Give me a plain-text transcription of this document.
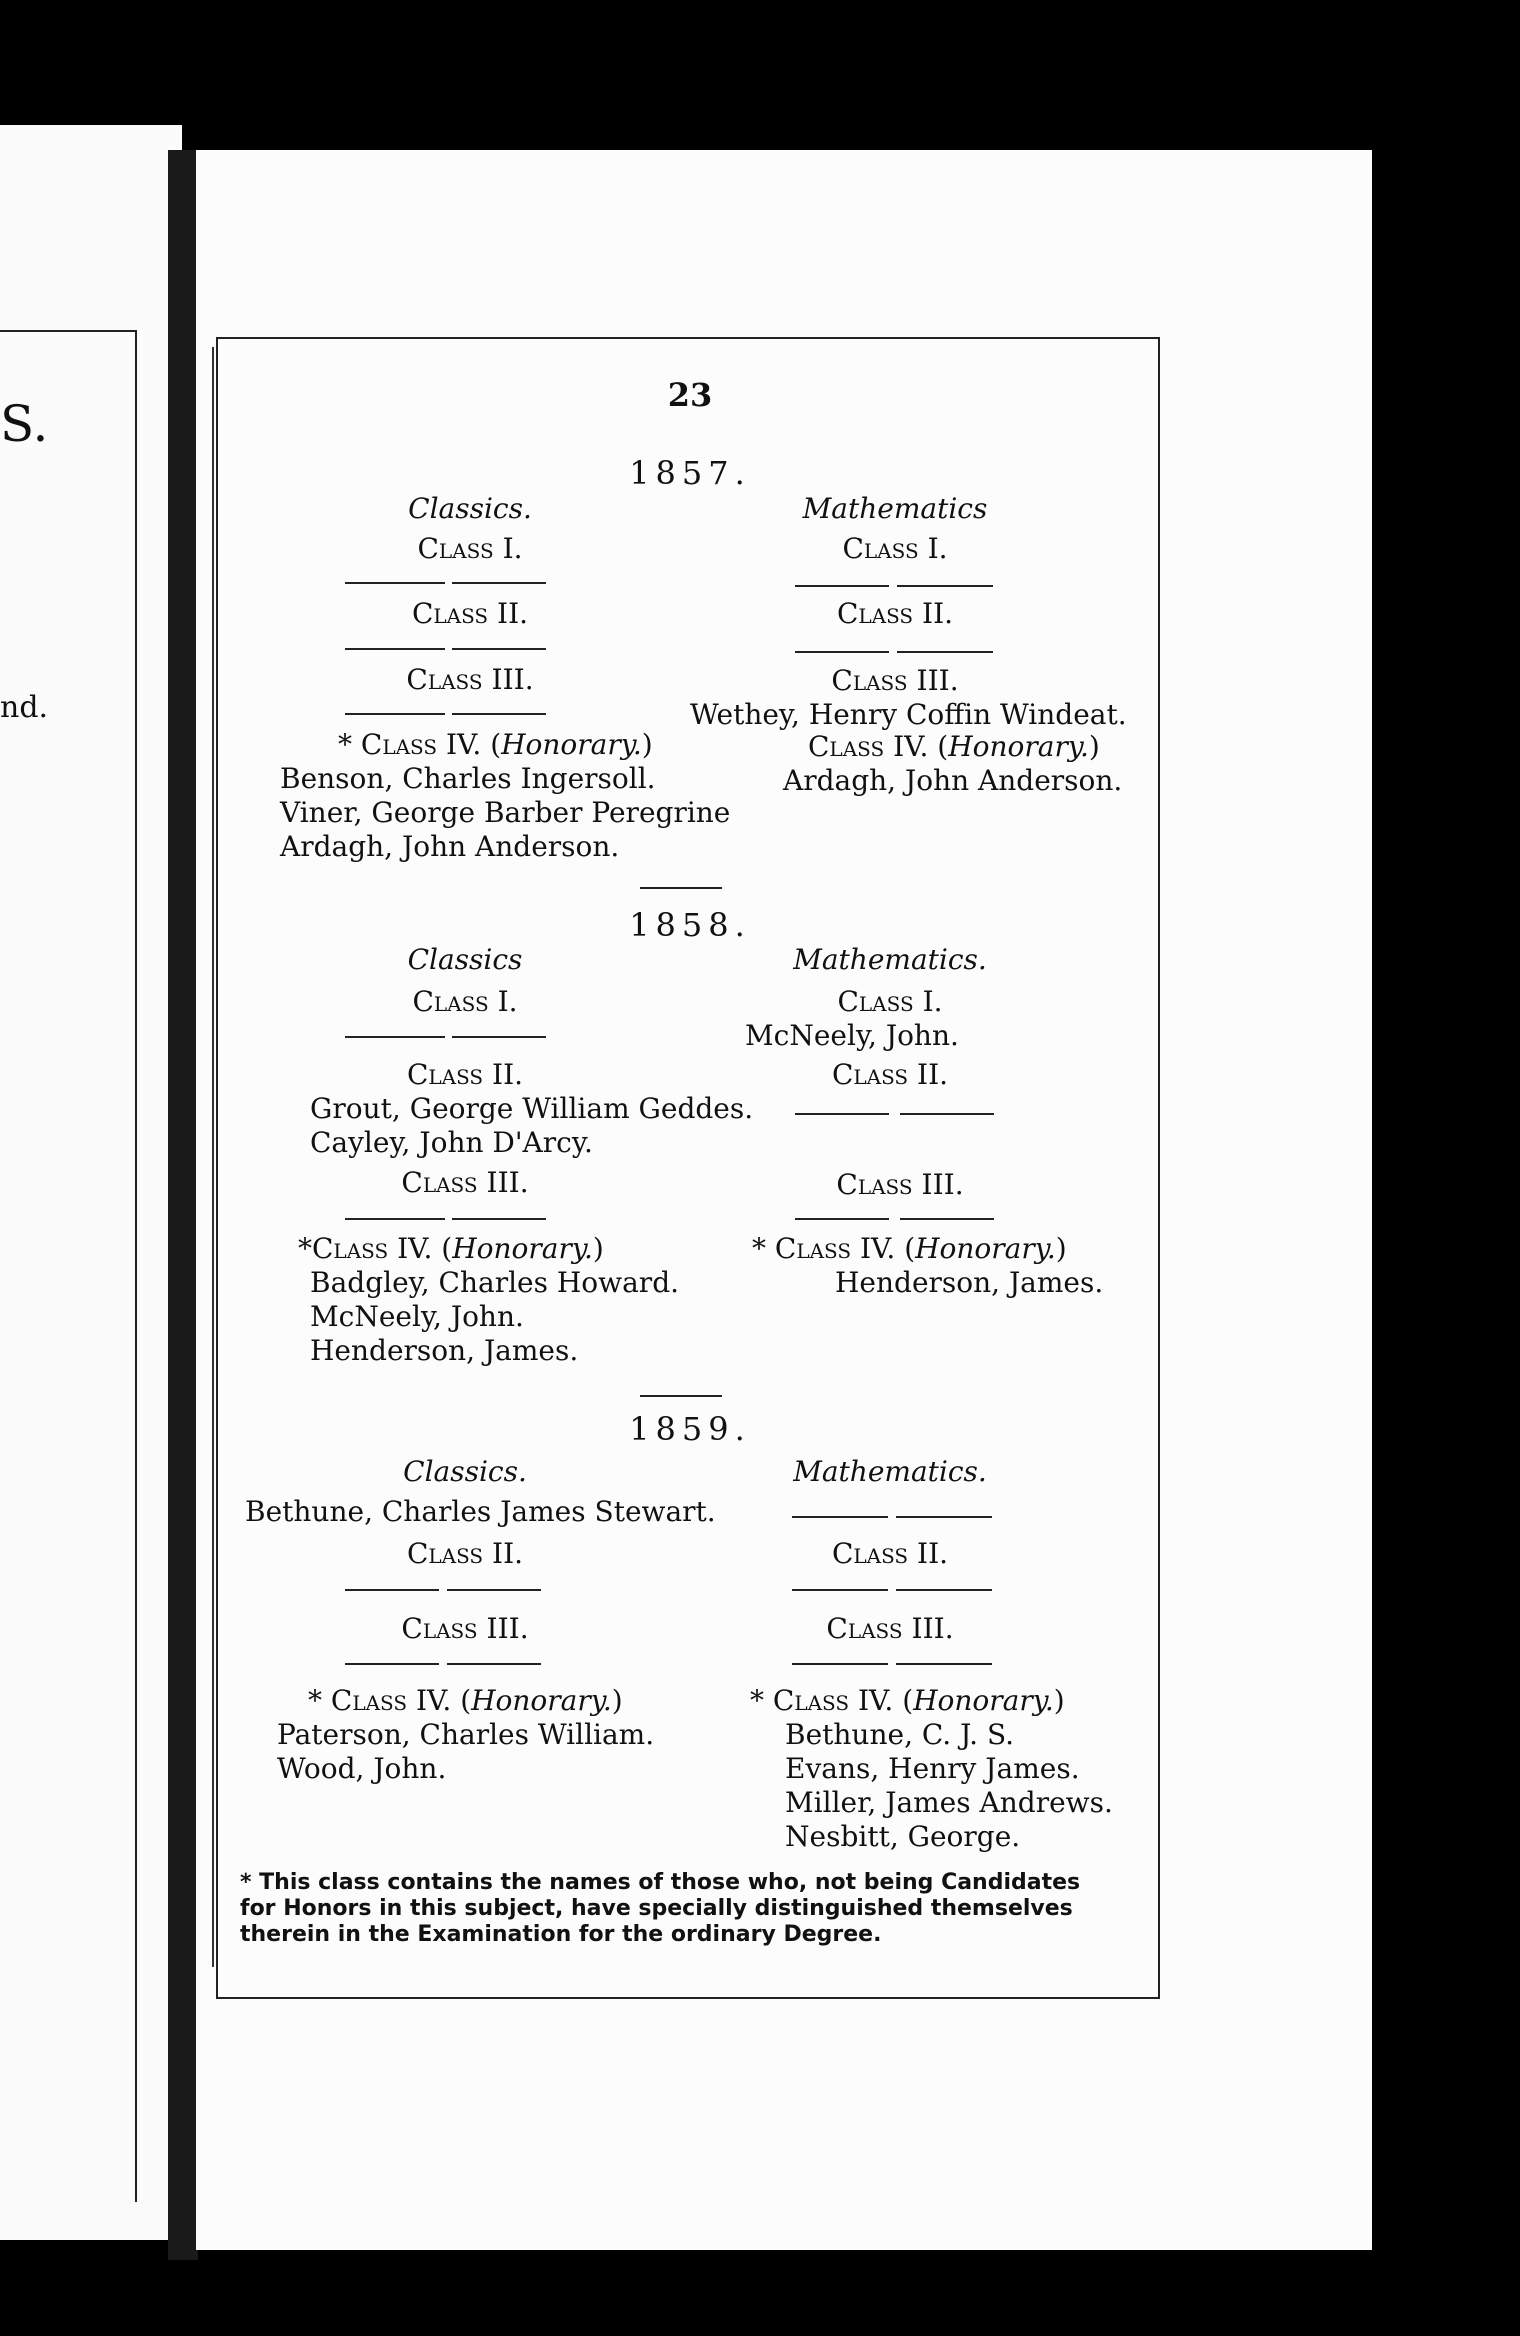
S.
nd.
23
1857.
Classics.
Class I.
Class II.
Class III.
* Class IV. (Honorary.)
Benson, Charles Ingersoll.
Viner, George Barber Peregrine
Ardagh, John Anderson.
Mathematics
Class I.
Class II.
Class III.
Wethey, Henry Coffin Windeat.
Class IV. (Honorary.)
Ardagh, John Anderson.
1858.
Classics
Class I.
Class II.
Grout, George William Geddes.
Cayley, John D'Arcy.
Class III.
*Class IV. (Honorary.)
Badgley, Charles Howard.
McNeely, John.
Henderson, James.
Mathematics.
Class I.
McNeely, John.
Class II.
Class III.
* Class IV. (Honorary.)
Henderson, James.
1859.
Classics.
Bethune, Charles James Stewart.
Class II.
Class III.
* Class IV. (Honorary.)
Paterson, Charles William.
Wood, John.
Mathematics.
Class II.
Class III.
* Class IV. (Honorary.)
Bethune, C. J. S.
Evans, Henry James.
Miller, James Andrews.
Nesbitt, George.
* This class contains the names of those who, not being Candidates for Honors in this subject, have specially distinguished themselves therein in the Examination for the ordinary Degree.
